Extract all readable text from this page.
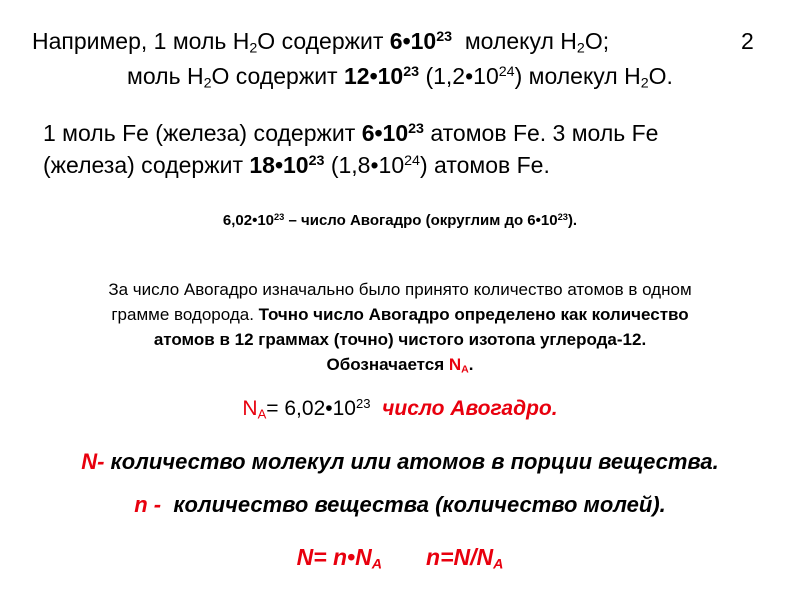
Например, 1 моль $Н_2О$ содержит $6•10^{23}$  молекул $Н_2О$;	2
моль $Н_2О$ содержит $12•10^{23}$ $(1,2•10^{24})$ молекул $Н_2О$.
1 моль Fe (железа) содержит $6•10^{23}$ атомов Fe. 3 моль Fe
(железа) содержит $18•10^{23}$ $(1,8•10^{24})$ атомов Fe.
$6,02•10^{23}$ – число Авогадро (округлим до $6•10^{23}$).
За число Авогадро изначально было принято количество атомов в одном
грамме водорода. Точно число Авогадро определено как количество
атомов в 12 граммах (точно) чистого изотопа углерода-12.
Обозначается $N_A$.
$N_A=$ $6,02•10^{23}$  число Авогадро.
N- количество молекул или атомов в порции вещества.
n -  количество вещества (количество молей).
$N= n•N_A$ $n=N/N_A$
